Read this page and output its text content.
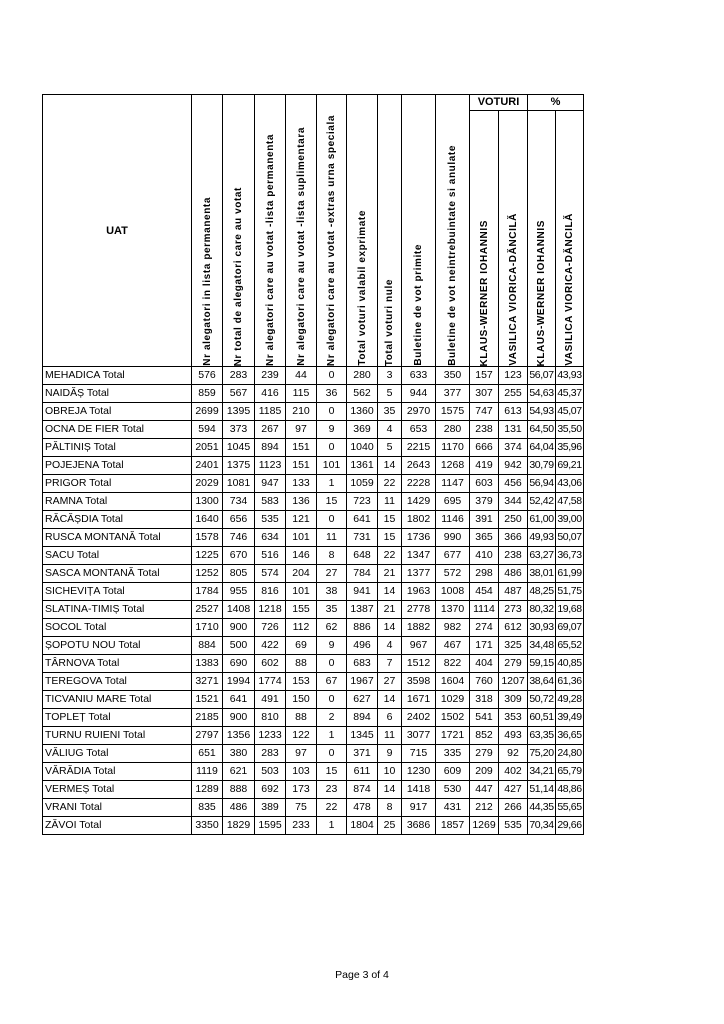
UAT	Nr alegatori in lista permanenta	Nr total de alegatori care au votat	Nr alegatori care au votat -lista permanenta	Nr alegatori care au votat -lista suplimentara	Nr alegatori care au votat -extras urna speciala	Total voturi valabil exprimate	Total voturi nule	Buletine de vot primite	Buletine de vot neintrebuintate si anulate	VOTURI		%	

										KLAUS-WERNER IOHANNIS	VASILICA VIORICA-DĂNCILĂ	KLAUS-WERNER IOHANNIS	VASILICA VIORICA-DĂNCILĂ

MEHADICA Total	576	283	239	44	0	280	3	633	350	157	123	56,07	43,93
NAIDĂȘ Total	859	567	416	115	36	562	5	944	377	307	255	54,63	45,37
OBREJA Total	2699	1395	1185	210	0	1360	35	2970	1575	747	613	54,93	45,07
OCNA DE FIER Total	594	373	267	97	9	369	4	653	280	238	131	64,50	35,50
PĂLTINIȘ Total	2051	1045	894	151	0	1040	5	2215	1170	666	374	64,04	35,96
POJEJENA Total	2401	1375	1123	151	101	1361	14	2643	1268	419	942	30,79	69,21
PRIGOR Total	2029	1081	947	133	1	1059	22	2228	1147	603	456	56,94	43,06
RAMNA Total	1300	734	583	136	15	723	11	1429	695	379	344	52,42	47,58
RĂCĂȘDIA Total	1640	656	535	121	0	641	15	1802	1146	391	250	61,00	39,00
RUSCA MONTANĂ Total	1578	746	634	101	11	731	15	1736	990	365	366	49,93	50,07
SACU Total	1225	670	516	146	8	648	22	1347	677	410	238	63,27	36,73
SASCA MONTANĂ Total	1252	805	574	204	27	784	21	1377	572	298	486	38,01	61,99
SICHEVIȚA Total	1784	955	816	101	38	941	14	1963	1008	454	487	48,25	51,75
SLATINA-TIMIȘ Total	2527	1408	1218	155	35	1387	21	2778	1370	1114	273	80,32	19,68
SOCOL Total	1710	900	726	112	62	886	14	1882	982	274	612	30,93	69,07
ȘOPOTU NOU Total	884	500	422	69	9	496	4	967	467	171	325	34,48	65,52
TÂRNOVA Total	1383	690	602	88	0	683	7	1512	822	404	279	59,15	40,85
TEREGOVA Total	3271	1994	1774	153	67	1967	27	3598	1604	760	1207	38,64	61,36
TICVANIU MARE Total	1521	641	491	150	0	627	14	1671	1029	318	309	50,72	49,28
TOPLEȚ Total	2185	900	810	88	2	894	6	2402	1502	541	353	60,51	39,49
TURNU RUIENI Total	2797	1356	1233	122	1	1345	11	3077	1721	852	493	63,35	36,65
VĂLIUG Total	651	380	283	97	0	371	9	715	335	279	92	75,20	24,80
VĂRĂDIA Total	1119	621	503	103	15	611	10	1230	609	209	402	34,21	65,79
VERMEȘ Total	1289	888	692	173	23	874	14	1418	530	447	427	51,14	48,86
VRANI Total	835	486	389	75	22	478	8	917	431	212	266	44,35	55,65
ZĂVOI Total	3350	1829	1595	233	1	1804	25	3686	1857	1269	535	70,34	29,66
Page 3 of 4
